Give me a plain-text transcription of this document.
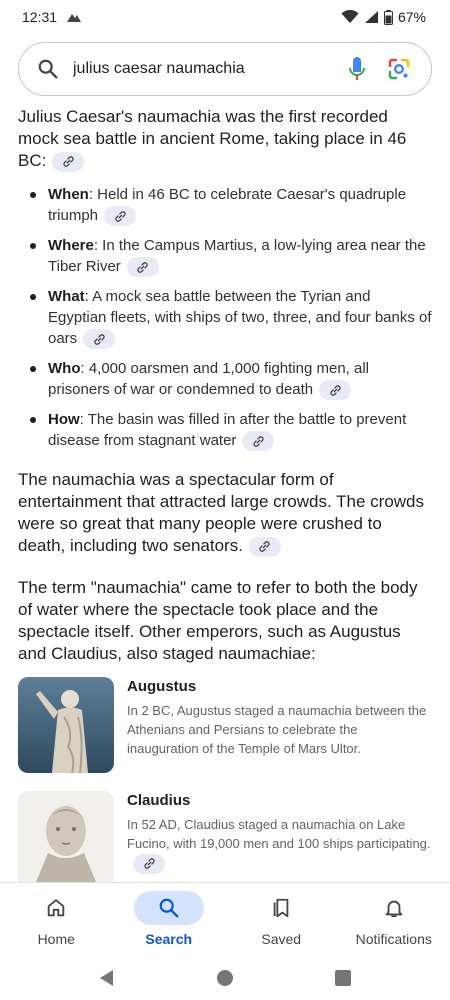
12:31	67%
julius caesar naumachia

Julius Caesar's naumachia was the first recorded mock sea battle in ancient Rome, taking place in 46 BC:

When: Held in 46 BC to celebrate Caesar's quadruple triumph
Where: In the Campus Martius, a low-lying area near the Tiber River
What: A mock sea battle between the Tyrian and Egyptian fleets, with ships of two, three, and four banks of oars
Who: 4,000 oarsmen and 1,000 fighting men, all prisoners of war or condemned to death
How: The basin was filled in after the battle to prevent disease from stagnant water

The naumachia was a spectacular form of entertainment that attracted large crowds. The crowds were so great that many people were crushed to death, including two senators.

The term "naumachia" came to refer to both the body of water where the spectacle took place and the spectacle itself. Other emperors, such as Augustus and Claudius, also staged naumachiae:

Augustus
In 2 BC, Augustus staged a naumachia between the Athenians and Persians to celebrate the inauguration of the Temple of Mars Ultor.
Claudius
In 52 AD, Claudius staged a naumachia on Lake Fucino, with 19,000 men and 100 ships participating.
Home	Search	Saved	Notifications
